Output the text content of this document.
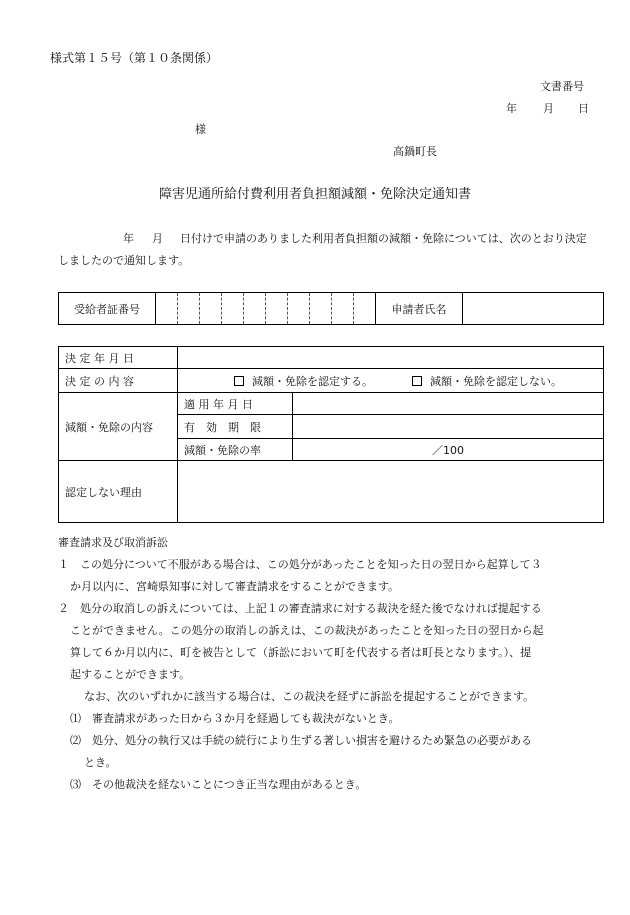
様式第１５号（第１０条関係）
文書番号
年 月 日
様
高鍋町長
障害児通所給付費利用者負担額減額・免除決定通知書
年 月 日付けで申請のありました利用者負担額の減額・免除については、次のとおり決定
しましたので通知します。
受給者証番号											申請者氏名	
決 定 年 月 日		
決 定 の 内 容	減額・免除を認定する。 減額・免除を認定しない。	
減額・免除の内容	適 用 年 月 日	
	有　効　期　限	
	減額・免除の率	／100
認定しない理由		
審査請求及び取消訴訟
１　この処分について不服がある場合は、この処分があったことを知った日の翌日から起算して３
か月以内に、宮崎県知事に対して審査請求をすることができます。
２　処分の取消しの訴えについては、上記１の審査請求に対する裁決を経た後でなければ提起する
ことができません。この処分の取消しの訴えは、この裁決があったことを知った日の翌日から起
算して６か月以内に、町を被告として（訴訟において町を代表する者は町長となります。）、提
起することができます。
なお、次のいずれかに該当する場合は、この裁決を経ずに訴訟を提起することができます。
⑴　審査請求があった日から３か月を経過しても裁決がないとき。
⑵　処分、処分の執行又は手続の続行により生ずる著しい損害を避けるため緊急の必要がある
とき。
⑶　その他裁決を経ないことにつき正当な理由があるとき。
